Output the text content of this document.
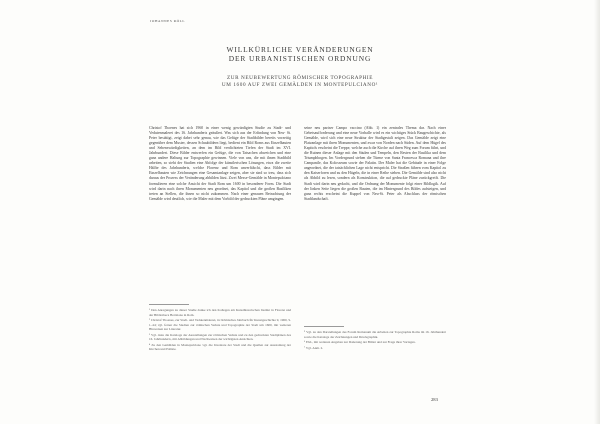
JOHANNES RÖLL
WILLKÜRLICHE VERÄNDERUNGEN
DER URBANISTISCHEN ORDNUNG
ZUR NEUBEWERTUNG RÖMISCHER TOPOGRAPHIE
UM 1600 AUF ZWEI GEMÄLDEN IN MONTEPULCIANO¹

Christof Thoenes hat sich 1960 in einer wenig gewürdigten Studie zu Stadt- und Vedutenmalerei des 16. Jahrhunderts geäußert. Was sich aus der Erfindung von Neu- St. Peter bestätigt, zeigt dabei sehr genau, wie das Gefüge der Stadtbilder bereits vorzeitig gegenüber dem Muster, dessen Schaubildern liegt, bedient ein Bild Roms aus Einzelbauten und Sehenswürdigkeiten, an dem im Bild verdichteten Tiefen der Stadt im XVI. Jahrhundert. Diese Bilder entwerfen ein Gefüge, die von Tatsachen abweichen und eine ganz andere Haltung zur Topographie gewinnen. Viele von uns, die mit ihnen Stadtbild arbeiten, so sieht der Studien eine Abfolge der künstlerischen Lösungen, etwa die zweite Hälfte des Jahrhunderts, welche Florenz und Rom unverfälscht, dass Bilder mit Einzelbauten wie Zeichnungen eine Gesamtanlage zeigen, aber sie sind so treu, dass sich daraus der Prozess der Veränderung abbilden lässt. Zwei Messe-Gemälde in Montepulciano formulieren eine solche Ansicht der Stadt Rom um 1600 in besonderer Form. Die Stadt wird darin nach ihren Monumenten neu geordnet, das Kapitol und die großen Basiliken treten an Stellen, die ihnen so nicht zukommen. Nach einer genauen Betrachtung der Gemälde wird deutlich, wie die Maler mit dem Vorbild der gedruckten Pläne umgingen.

seine neu pariser Campo vaccino (Abb. 1) ein zentrales Thema dar. Nach einer Gebetsaufforderung und eine neue Vorhalle wird es ein wichtiges Stück Baugeschichte, als Gemälde, wird sich eine neue Struktur der Stadtgestalt zeigen. Das Gemälde zeigt eine Platzanlage mit ihren Monumenten, und zwar von Norden nach Süden. Auf dem Hügel des Kapitols erscheint die Treppe, welche auch die Kirche auf ihren Weg zum Forum führt, und die Ruinen dieser Anlage mit den Säulen und Tempeln, den Resten der Basilika und dem Triumphbogen. Im Vordergrund stehen die Türme von Santa Francesca Romana und ihre Campanile, das Kolosseum sowie der Palatin. Der Maler hat die Gebäude in einer Folge angeordnet, die der tatsächlichen Lage nicht entspricht. Die Straßen führen vom Kapitol zu den Kaiserforen und zu den Hügeln, die in einer Reihe stehen. Die Gemälde sind also nicht als Abbild zu lesen, sondern als Konstruktion, die auf gedruckte Pläne zurückgreift. Die Stadt wird darin neu gedacht, und die Ordnung der Monumente folgt einer Bildlogik. Auf der linken Seite liegen die großen Bauten, die im Hintergrund des Bildes aufsteigen, und ganz rechts erscheint die Kuppel von Neu-St. Peter als Abschluss der römischen Stadtlandschaft.

¹ Den Anregungen zu dieser Studie danke ich den Kollegen am Kunsthistorischen Institut in Florenz und der Bibliotheca Hertziana in Rom.

² Christof Thoenes, zur Stadt- und Vedutenmalerei, in: Römisches Jahrbuch für Kunstgeschichte 9, 1960, S. 1–44; vgl. ferner die Studien zur römischen Vedute und Topographie der Stadt um 1600, mit weiteren Hinweisen zur Literatur.

³ Vgl. dazu die Kataloge der Ausstellungen zur römischen Vedute und zu den gedruckten Stadtplänen des 16. Jahrhunderts, mit Abbildungen und Nachweisen der wichtigsten Ansichten.

⁴ Zu den Gemälden in Montepulciano vgl. die Inventare der Stadt und die Quellen zur Ausstattung der Kirchen und Paläste.

⁵ Vgl. zu den Darstellungen des Forum Romanum die Arbeiten zur Topographie Roms im 16. Jahrhundert sowie die Kataloge der Zeichnungen und Druckgraphik.

⁶ Ebd., mit weiteren Angaben zur Datierung der Bilder und zur Frage ihrer Vorlagen.

⁷ Vgl. Anm. 2.

283
